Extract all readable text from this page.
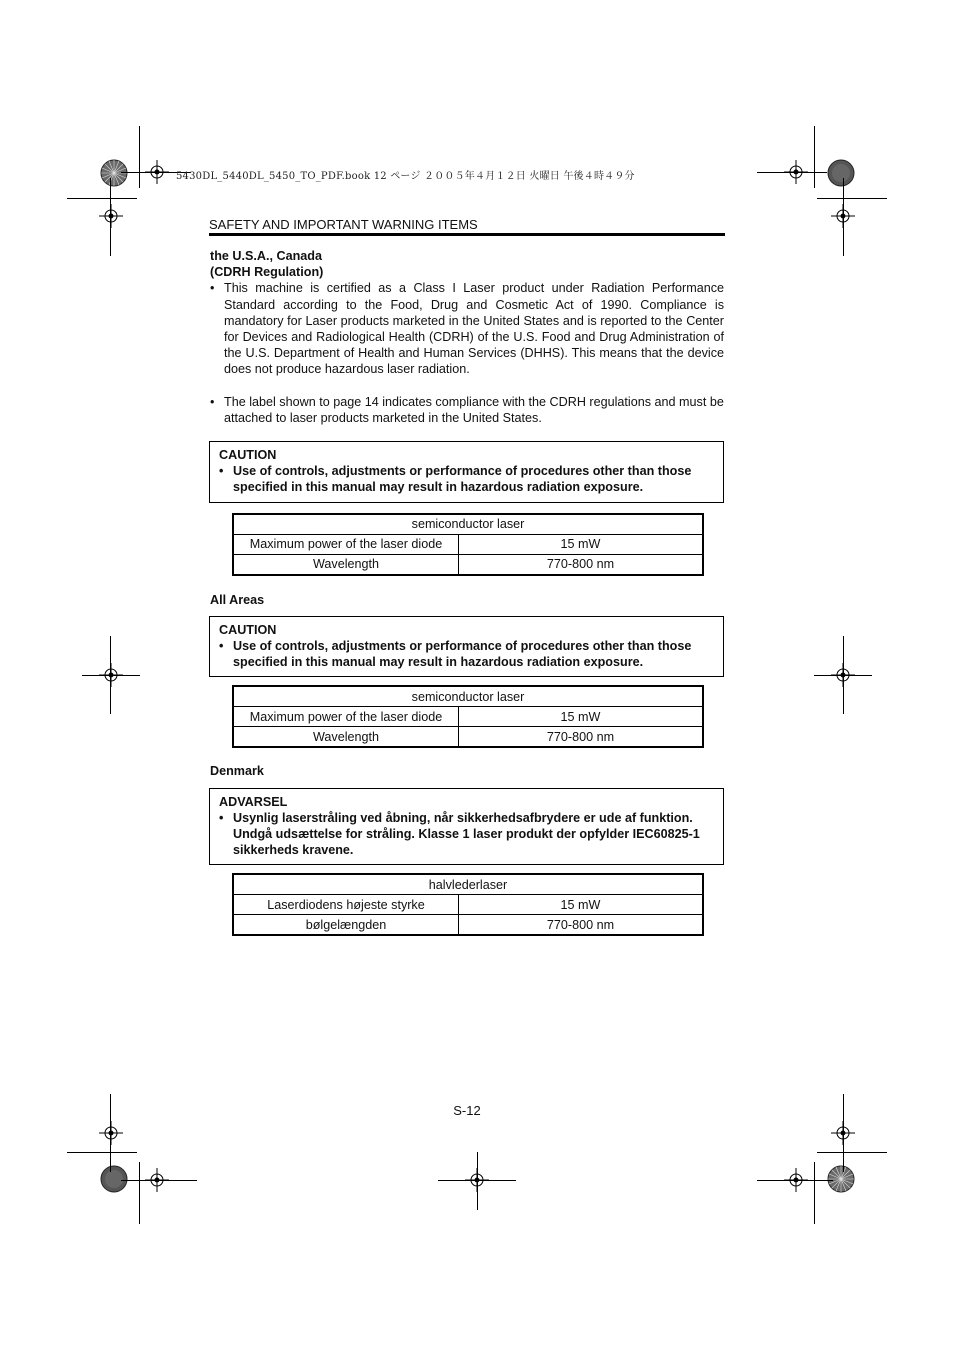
5430DL_5440DL_5450_TO_PDF.book 12 ページ ２００５年４月１２日 火曜日 午後４時４９分
SAFETY AND IMPORTANT WARNING ITEMS
the U.S.A., Canada
(CDRH Regulation)
• This machine is certified as a Class I Laser product under Radiation Performance Standard according to the Food, Drug and Cosmetic Act of 1990. Compliance is mandatory for Laser products marketed in the United States and is reported to the Center for Devices and Radiological Health (CDRH) of the U.S. Food and Drug Administration of the U.S. Department of Health and Human Services (DHHS). This means that the device does not produce hazardous laser radiation.
• The label shown to page 14 indicates compliance with the CDRH regulations and must be attached to laser products marketed in the United States.
CAUTION
• Use of controls, adjustments or performance of procedures other than those specified in this manual may result in hazardous radiation exposure.
semiconductor laser	
Maximum power of the laser diode	15 mW
Wavelength	770-800 nm
All Areas
CAUTION
• Use of controls, adjustments or performance of procedures other than those specified in this manual may result in hazardous radiation exposure.
semiconductor laser	
Maximum power of the laser diode	15 mW
Wavelength	770-800 nm
Denmark
ADVARSEL
• Usynlig laserstråling ved åbning, når sikkerhedsafbrydere er ude af funktion. Undgå udsættelse for stråling. Klasse 1 laser produkt der opfylder IEC60825-1 sikkerheds kravene.
halvlederlaser	
Laserdiodens højeste styrke	15 mW
bølgelængden	770-800 nm
S-12
